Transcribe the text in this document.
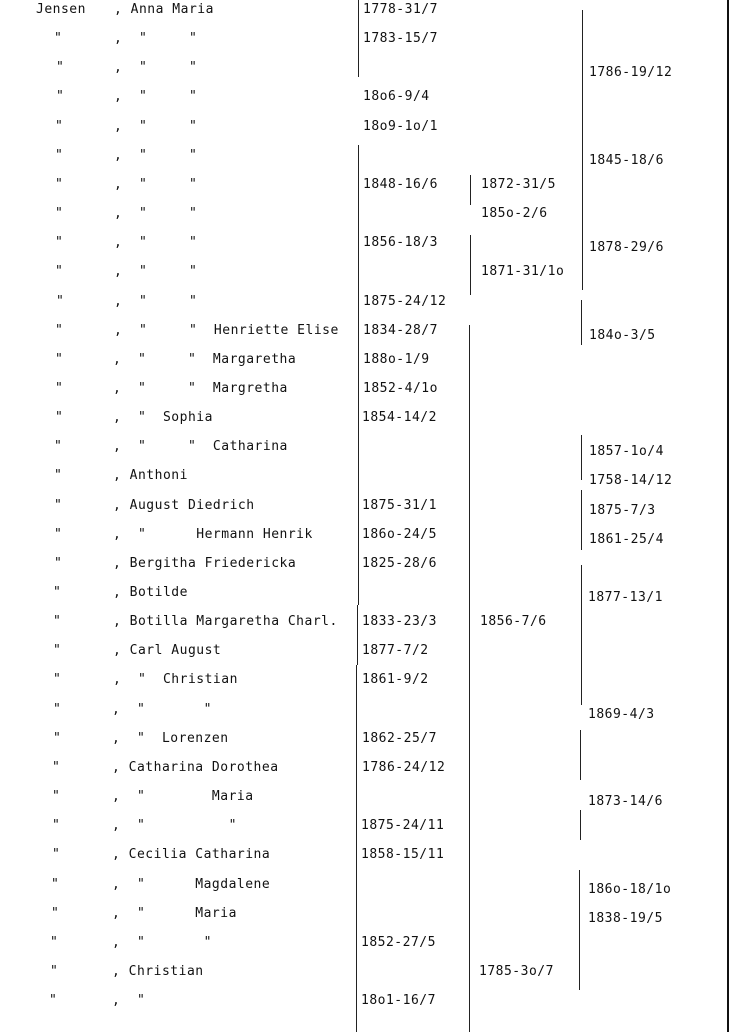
Jensen , Anna Maria	1778-31/7
"	,  "     "	1783-15/7
"	,  "     "	1786-19/12
"	,  "     "	18o6-9/4
"	,  "     "	18o9-1o/1
"	,  "     "	1845-18/6
"	,  "     "	1848-16/6	1872-31/5
"	,  "     "	185o-2/6
"	,  "     "	1856-18/3	1878-29/6
"	,  "     "	1871-31/1o
"	,  "     "	1875-24/12
"	,  "     "  Henriette Elise 1834-28/7	184o-3/5
"	,  "     "  Margaretha	188o-1/9
"	,  "     "  Margretha	1852-4/1o
"	,  "  Sophia	1854-14/2
"	,  "     "  Catharina	1857-1o/4
"	, Anthoni	1758-14/12
"	, August Diedrich	1875-31/1	1875-7/3
"	,  "      Hermann Henrik	186o-24/5	1861-25/4
"	, Bergitha Friedericka	1825-28/6
"	, Botilde	1877-13/1
"	, Botilla Margaretha Charl. 1833-23/3	1856-7/6
"	, Carl August	1877-7/2
"	,  "  Christian	1861-9/2
"	,  "       "	1869-4/3
"	,  "  Lorenzen	1862-25/7
"	, Catharina Dorothea	1786-24/12
"	,  "        Maria	1873-14/6
"	,  "          "	1875-24/11
"	, Cecilia Catharina	1858-15/11
"	,  "      Magdalene	186o-18/1o
"	,  "      Maria	1838-19/5
"	,  "       "	1852-27/5
"	, Christian	1785-3o/7
"	,  "	18o1-16/7
